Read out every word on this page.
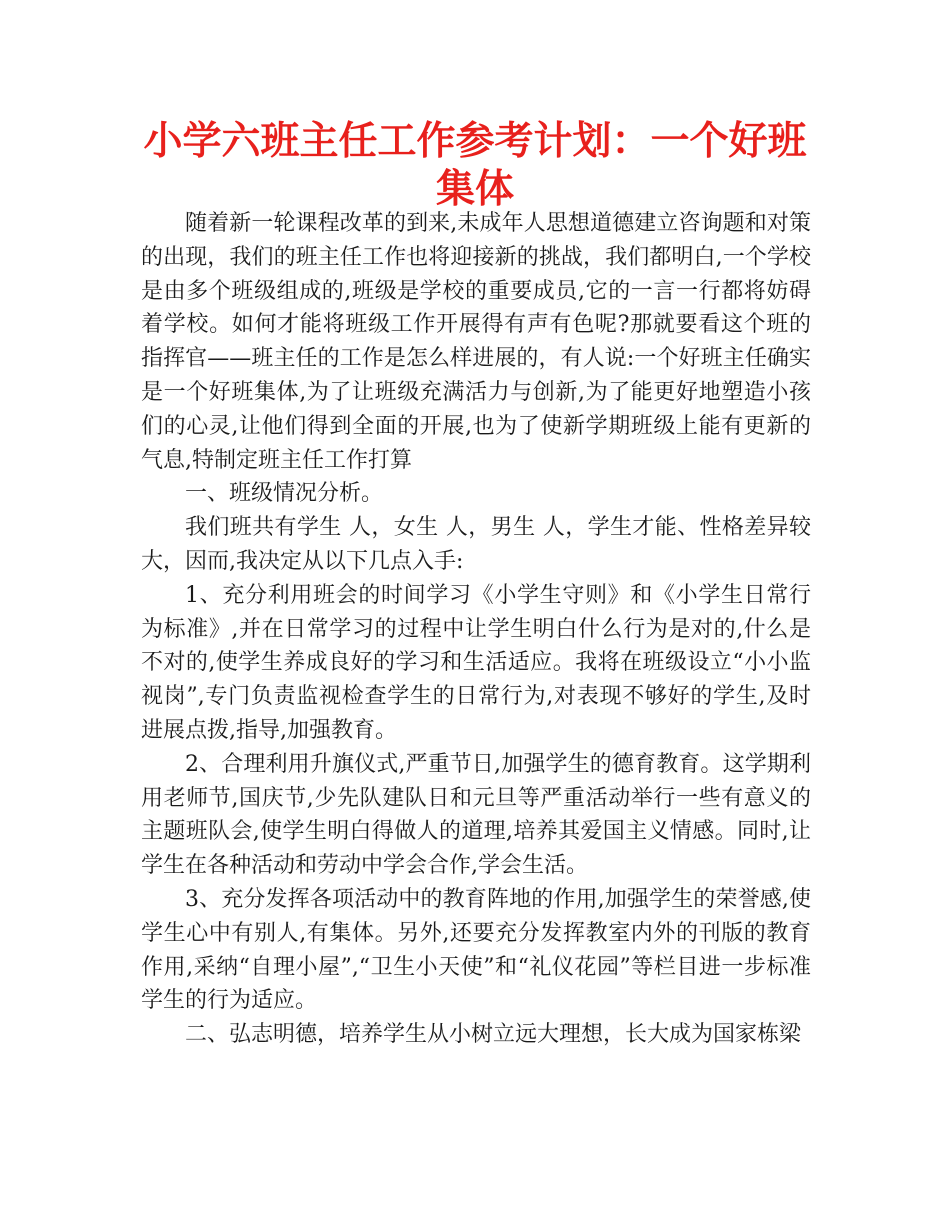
小学六班主任工作参考计划：一个好班集体

随着新一轮课程改革的到来,未成年人思想道德建立咨询题和对策的出现，我们的班主任工作也将迎接新的挑战，我们都明白,一个学校是由多个班级组成的,班级是学校的重要成员,它的一言一行都将妨碍着学校。如何才能将班级工作开展得有声有色呢?那就要看这个班的指挥官——班主任的工作是怎么样进展的，有人说:一个好班主任确实是一个好班集体,为了让班级充满活力与创新,为了能更好地塑造小孩们的心灵,让他们得到全面的开展,也为了使新学期班级上能有更新的气息,特制定班主任工作打算

一、班级情况分析。

我们班共有学生 人，女生 人，男生 人，学生才能、性格差异较大，因而,我决定从以下几点入手:

1、充分利用班会的时间学习《小学生守则》和《小学生日常行为标准》,并在日常学习的过程中让学生明白什么行为是对的,什么是不对的,使学生养成良好的学习和生活适应。我将在班级设立“小小监视岗”,专门负责监视检查学生的日常行为,对表现不够好的学生,及时进展点拨,指导,加强教育。

2、合理利用升旗仪式,严重节日,加强学生的德育教育。这学期利用老师节,国庆节,少先队建队日和元旦等严重活动举行一些有意义的主题班队会,使学生明白得做人的道理,培养其爱国主义情感。同时,让学生在各种活动和劳动中学会合作,学会生活。

3、充分发挥各项活动中的教育阵地的作用,加强学生的荣誉感,使学生心中有别人,有集体。另外,还要充分发挥教室内外的刊版的教育作用,采纳“自理小屋”,“卫生小天使”和“礼仪花园”等栏目进一步标准学生的行为适应。

二、弘志明德，培养学生从小树立远大理想，长大成为国家栋梁
